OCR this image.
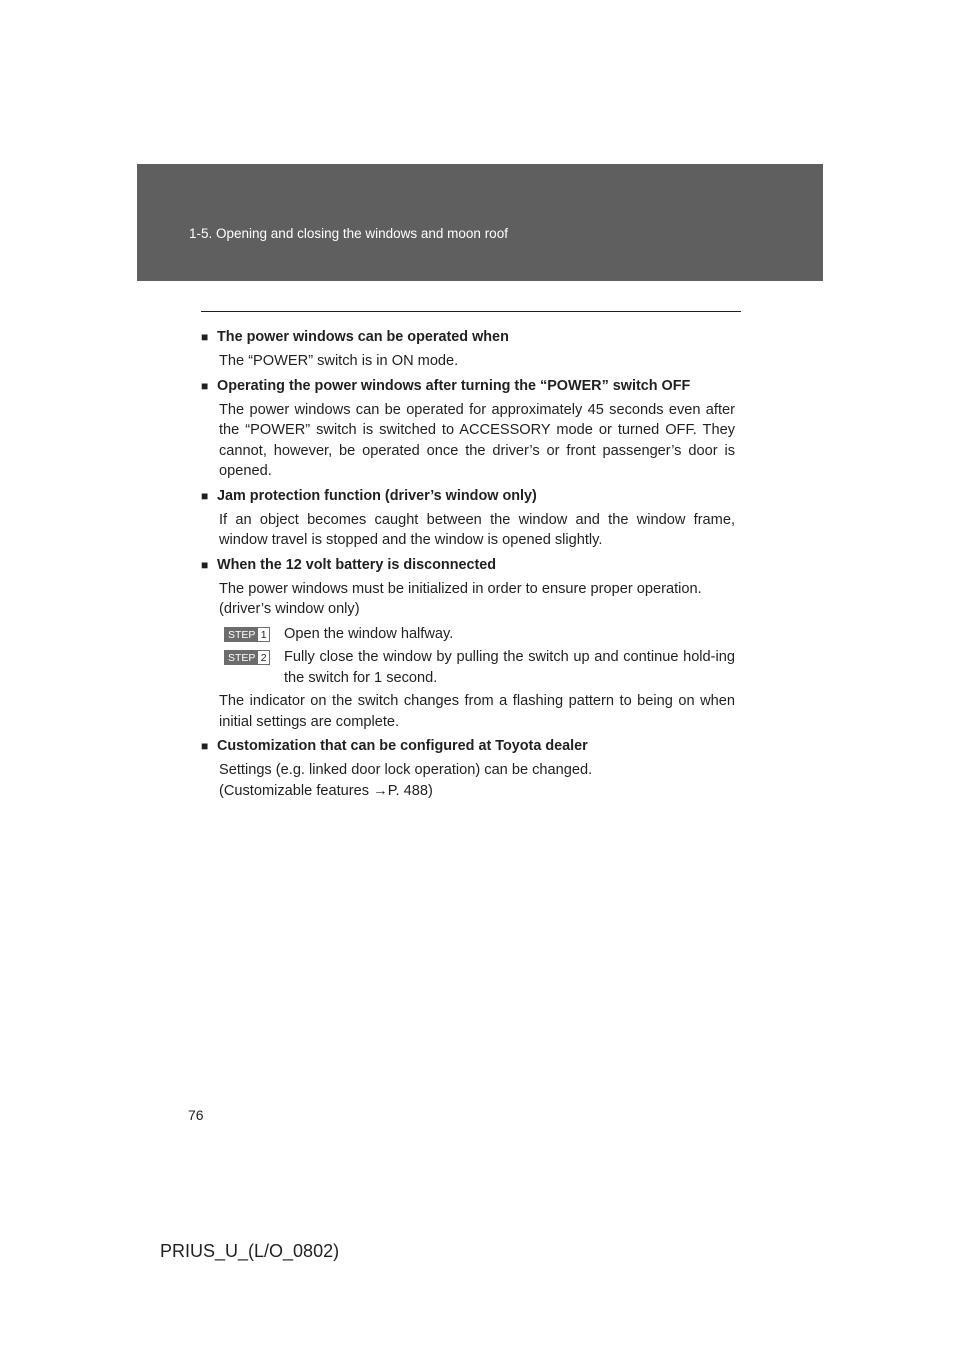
1-5. Opening and closing the windows and moon roof
■ The power windows can be operated when
The “POWER” switch is in ON mode.
■ Operating the power windows after turning the “POWER” switch OFF
The power windows can be operated for approximately 45 seconds even after the “POWER” switch is switched to ACCESSORY mode or turned OFF. They cannot, however, be operated once the driver’s or front passenger’s door is opened.
■ Jam protection function (driver’s window only)
If an object becomes caught between the window and the window frame, window travel is stopped and the window is opened slightly.
■ When the 12 volt battery is disconnected
The power windows must be initialized in order to ensure proper operation.
(driver’s window only)
STEP 1 Open the window halfway.
STEP 2 Fully close the window by pulling the switch up and continue hold-ing the switch for 1 second.
The indicator on the switch changes from a flashing pattern to being on when initial settings are complete.
■ Customization that can be configured at Toyota dealer
Settings (e.g. linked door lock operation) can be changed.
(Customizable features →P. 488)
76
PRIUS_U_(L/O_0802)
